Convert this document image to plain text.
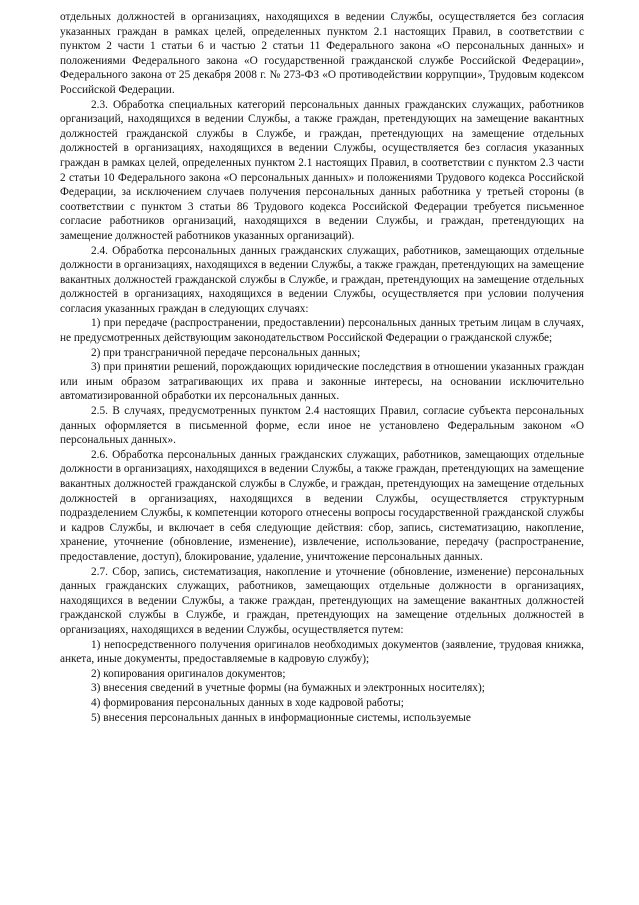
отдельных должностей в организациях, находящихся в ведении Службы, осуществляется без согласия указанных граждан в рамках целей, определенных пунктом 2.1 настоящих Правил, в соответствии с пунктом 2 части 1 статьи 6 и частью 2 статьи 11 Федерального закона «О персональных данных» и положениями Федерального закона «О государственной гражданской службе Российской Федерации», Федерального закона от 25 декабря 2008 г. № 273-ФЗ «О противодействии коррупции», Трудовым кодексом Российской Федерации.

2.3. Обработка специальных категорий персональных данных гражданских служащих, работников организаций, находящихся в ведении Службы, а также граждан, претендующих на замещение вакантных должностей гражданской службы в Службе, и граждан, претендующих на замещение отдельных должностей в организациях, находящихся в ведении Службы, осуществляется без согласия указанных граждан в рамках целей, определенных пунктом 2.1 настоящих Правил, в соответствии с пунктом 2.3 части 2 статьи 10 Федерального закона «О персональных данных» и положениями Трудового кодекса Российской Федерации, за исключением случаев получения персональных данных работника у третьей стороны (в соответствии с пунктом 3 статьи 86 Трудового кодекса Российской Федерации требуется письменное согласие работников организаций, находящихся в ведении Службы, и граждан, претендующих на замещение должностей работников указанных организаций).

2.4. Обработка персональных данных гражданских служащих, работников, замещающих отдельные должности в организациях, находящихся в ведении Службы, а также граждан, претендующих на замещение вакантных должностей гражданской службы в Службе, и граждан, претендующих на замещение отдельных должностей в организациях, находящихся в ведении Службы, осуществляется при условии получения согласия указанных граждан в следующих случаях:

1) при передаче (распространении, предоставлении) персональных данных третьим лицам в случаях, не предусмотренных действующим законодательством Российской Федерации о гражданской службе;

2) при трансграничной передаче персональных данных;

3) при принятии решений, порождающих юридические последствия в отношении указанных граждан или иным образом затрагивающих их права и законные интересы, на основании исключительно автоматизированной обработки их персональных данных.

2.5. В случаях, предусмотренных пунктом 2.4 настоящих Правил, согласие субъекта персональных данных оформляется в письменной форме, если иное не установлено Федеральным законом «О персональных данных».

2.6. Обработка персональных данных гражданских служащих, работников, замещающих отдельные должности в организациях, находящихся в ведении Службы, а также граждан, претендующих на замещение вакантных должностей гражданской службы в Службе, и граждан, претендующих на замещение отдельных должностей в организациях, находящихся в ведении Службы, осуществляется структурным подразделением Службы, к компетенции которого отнесены вопросы государственной гражданской службы и кадров Службы, и включает в себя следующие действия: сбор, запись, систематизацию, накопление, хранение, уточнение (обновление, изменение), извлечение, использование, передачу (распространение, предоставление, доступ), блокирование, удаление, уничтожение персональных данных.

2.7. Сбор, запись, систематизация, накопление и уточнение (обновление, изменение) персональных данных гражданских служащих, работников, замещающих отдельные должности в организациях, находящихся в ведении Службы, а также граждан, претендующих на замещение вакантных должностей гражданской службы в Службе, и граждан, претендующих на замещение отдельных должностей в организациях, находящихся в ведении Службы, осуществляется путем:

1) непосредственного получения оригиналов необходимых документов (заявление, трудовая книжка, анкета, иные документы, предоставляемые в кадровую службу);

2) копирования оригиналов документов;

3) внесения сведений в учетные формы (на бумажных и электронных носителях);

4) формирования персональных данных в ходе кадровой работы;

5) внесения персональных данных в информационные системы, используемые
